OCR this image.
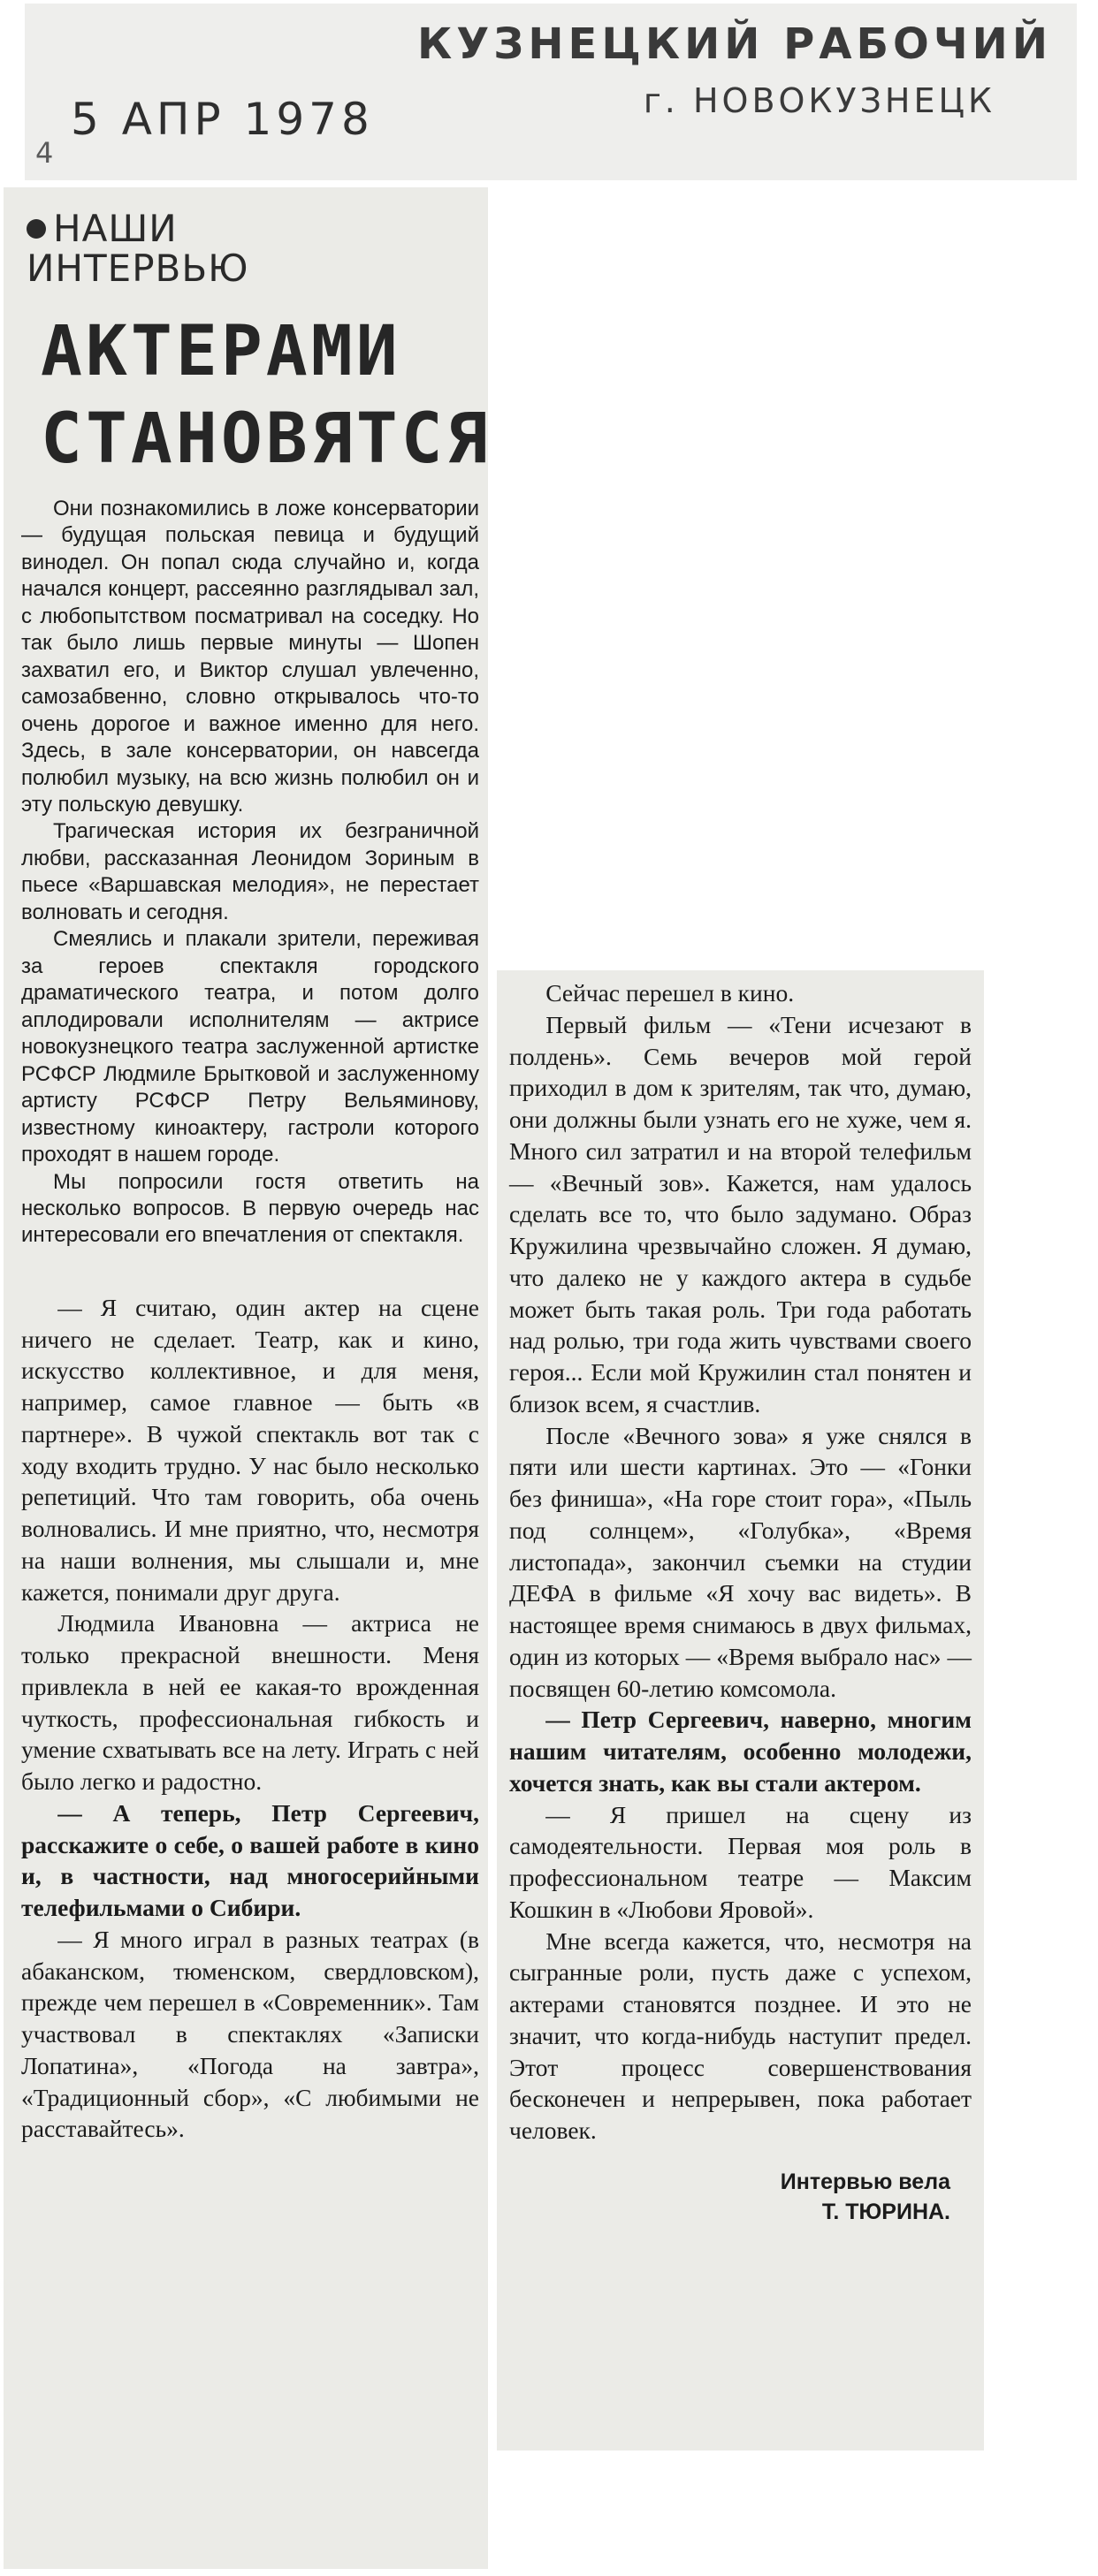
КУЗНЕЦКИЙ РАБОЧИЙ
г. НОВОКУЗНЕЦК
5 АПР 1978
4
НАШИ
ИНТЕРВЬЮ
АКТЕРАМИ
СТАНОВЯТСЯ

Они познакомились в ложе консерватории — будущая польская певица и будущий винодел. Он попал сюда случайно и, когда начался концерт, рассеянно разглядывал зал, с любопытством посматривал на соседку. Но так было лишь первые минуты — Шопен захватил его, и Виктор слушал увлеченно, самозабвенно, словно открывалось что-то очень дорогое и важное именно для него. Здесь, в зале консерватории, он навсегда полюбил музыку, на всю жизнь полюбил он и эту польскую девушку.

Трагическая история их безграничной любви, рассказанная Леонидом Зориным в пьесе «Варшавская мелодия», не перестает волновать и сегодня.

Смеялись и плакали зрители, переживая за героев спектакля городского драматического театра, и потом долго аплодировали исполнителям — актрисе новокузнецкого театра заслуженной артистке РСФСР Людмиле Брытковой и заслуженному артисту РСФСР Петру Вельяминову, известному киноактеру, гастроли которого проходят в нашем городе.

Мы попросили гостя ответить на несколько вопросов. В первую очередь нас интересовали его впечатления от спектакля.

— Я считаю, один актер на сцене ничего не сделает. Театр, как и кино, искусство коллективное, и для меня, например, самое главное — быть «в партнере». В чужой спектакль вот так с ходу входить трудно. У нас было несколько репетиций. Что там говорить, оба очень волновались. И мне приятно, что, несмотря на наши волнения, мы слышали и, мне кажется, понимали друг друга.

Людмила Ивановна — актриса не только прекрасной внешности. Меня привлекла в ней ее какая-то врожденная чуткость, профессиональная гибкость и умение схватывать все на лету. Играть с ней было легко и радостно.

— А теперь, Петр Сергеевич, расскажите о себе, о вашей работе в кино и, в частности, над многосерийными телефильмами о Сибири.

— Я много играл в разных театрах (в абаканском, тюменском, свердловском), прежде чем перешел в «Современник». Там участвовал в спектаклях «Записки Лопатина», «Погода на завтра», «Традиционный сбор», «С любимыми не расставайтесь».

Сейчас перешел в кино.

Первый фильм — «Тени исчезают в полдень». Семь вечеров мой герой приходил в дом к зрителям, так что, думаю, они должны были узнать его не хуже, чем я. Много сил затратил и на второй телефильм — «Вечный зов». Кажется, нам удалось сделать все то, что было задумано. Образ Кружилина чрезвычайно сложен. Я думаю, что далеко не у каждого актера в судьбе может быть такая роль. Три года работать над ролью, три года жить чувствами своего героя... Если мой Кружилин стал понятен и близок всем, я счастлив.

После «Вечного зова» я уже снялся в пяти или шести картинах. Это — «Гонки без финиша», «На горе стоит гора», «Пыль под солнцем», «Голубка», «Время листопада», закончил съемки на студии ДЕФА в фильме «Я хочу вас видеть». В настоящее время снимаюсь в двух фильмах, один из которых — «Время выбрало нас» — посвящен 60-летию комсомола.

— Петр Сергеевич, наверно, многим нашим читателям, особенно молодежи, хочется знать, как вы стали актером.

— Я пришел на сцену из самодеятельности. Первая моя роль в профессиональном театре — Максим Кошкин в «Любови Яровой».

Мне всегда кажется, что, несмотря на сыгранные роли, пусть даже с успехом, актерами становятся позднее. И это не значит, что когда-нибудь наступит предел. Этот процесс совершенствования бесконечен и непрерывен, пока работает человек.

Интервью вела
Т. ТЮРИНА.
